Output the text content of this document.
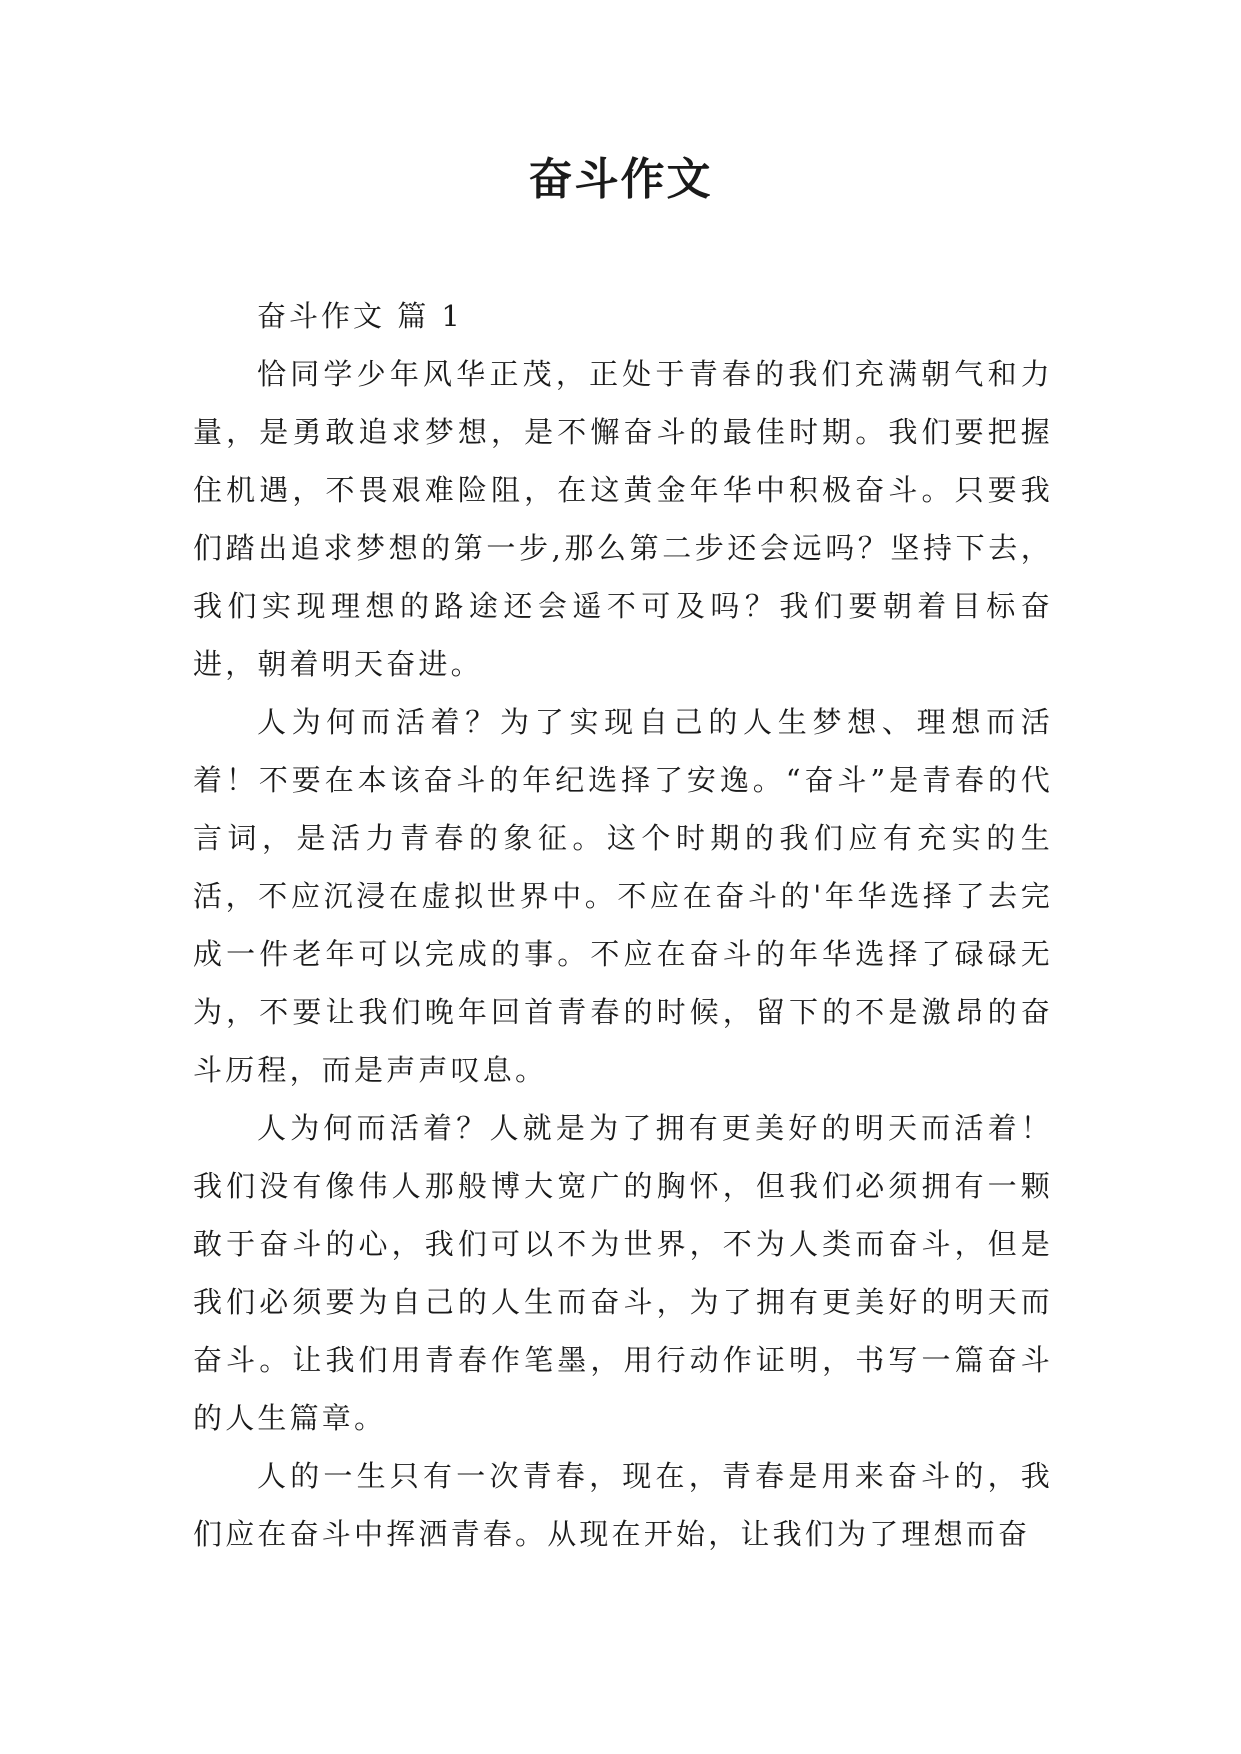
奋斗作文

奋斗作文 篇 1

恰同学少年风华正茂，正处于青春的我们充满朝气和力量，是勇敢追求梦想，是不懈奋斗的最佳时期。我们要把握住机遇，不畏艰难险阻，在这黄金年华中积极奋斗。只要我们踏出追求梦想的第一步,那么第二步还会远吗？坚持下去，我们实现理想的路途还会遥不可及吗？我们要朝着目标奋进，朝着明天奋进。

人为何而活着？为了实现自己的人生梦想、理想而活着！不要在本该奋斗的年纪选择了安逸。“奋斗”是青春的代言词，是活力青春的象征。这个时期的我们应有充实的生活，不应沉浸在虚拟世界中。不应在奋斗的'年华选择了去完成一件老年可以完成的事。不应在奋斗的年华选择了碌碌无为，不要让我们晚年回首青春的时候，留下的不是激昂的奋斗历程，而是声声叹息。

人为何而活着？人就是为了拥有更美好的明天而活着！我们没有像伟人那般博大宽广的胸怀，但我们必须拥有一颗敢于奋斗的心，我们可以不为世界，不为人类而奋斗，但是我们必须要为自己的人生而奋斗，为了拥有更美好的明天而奋斗。让我们用青春作笔墨，用行动作证明，书写一篇奋斗的人生篇章。

人的一生只有一次青春，现在，青春是用来奋斗的，我们应在奋斗中挥洒青春。从现在开始，让我们为了理想而奋
